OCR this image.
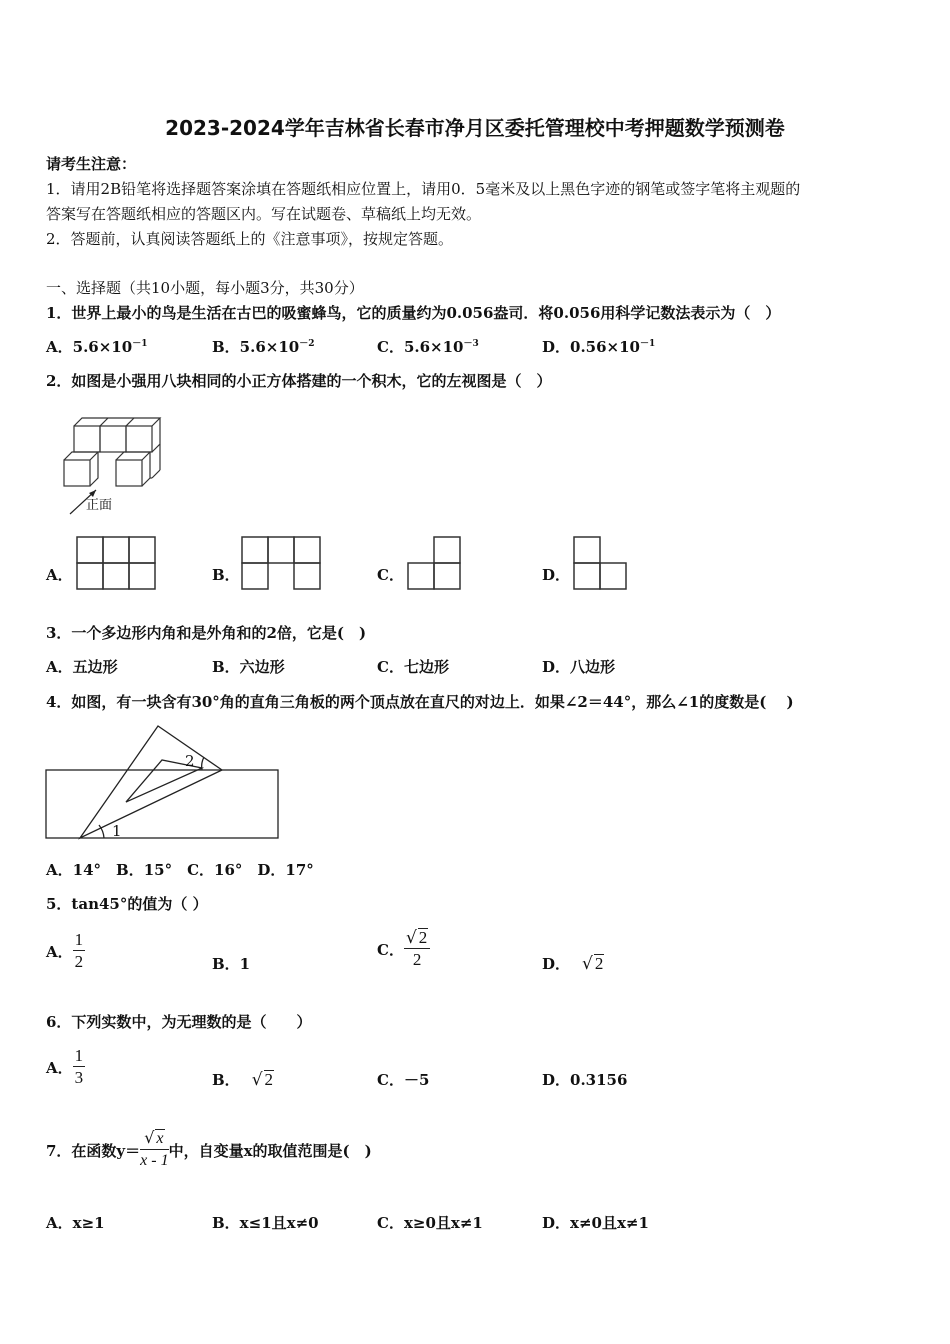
2023-2024学年吉林省长春市净月区委托管理校中考押题数学预测卷
请考生注意：
1．请用2B铅笔将选择题答案涂填在答题纸相应位置上，请用0．5毫米及以上黑色字迹的钢笔或签字笔将主观题的
答案写在答题纸相应的答题区内。写在试题卷、草稿纸上均无效。
2．答题前，认真阅读答题纸上的《注意事项》，按规定答题。
一、选择题（共10小题，每小题3分，共30分）
1．世界上最小的鸟是生活在古巴的吸蜜蜂鸟，它的质量约为0.056盎司．将0.056用科学记数法表示为（　）
A．$5.6\times 10^{-1}$	B．$5.6\times 10^{-2}$	C．$5.6\times 10^{-3}$	D．$0.56\times 10^{-1}$
2．如图是小强用八块相同的小正方体搭建的一个积木，它的左视图是（　）
正面
A．	B．	C．	D．
3．一个多边形内角和是外角和的2倍，它是(　)
A．五边形	B．六边形	C．七边形	D．八边形
4．如图，有一块含有30°角的直角三角板的两个顶点放在直尺的对边上．如果∠2＝44°，那么∠1的度数是(　 )
2
1
A．14°　B．15°　C．16°　D．17°
5．tan45°的值为（ ）
A． $\frac{1}{2}$	B．1
C． $\frac{√ 2}{2}$	D． √ 2
6．下列实数中，为无理数的是（　　）
A． $\frac{1}{3}$	B． √ 2	C．－5	D．0.3156
7．在函数$y= \frac{√ x}{x - 1}$ 中，自变量x的取值范围是(　)
A．x≥1	B．x≤1且x≠0	C．x≥0且x≠1	D．x≠0且x≠1
